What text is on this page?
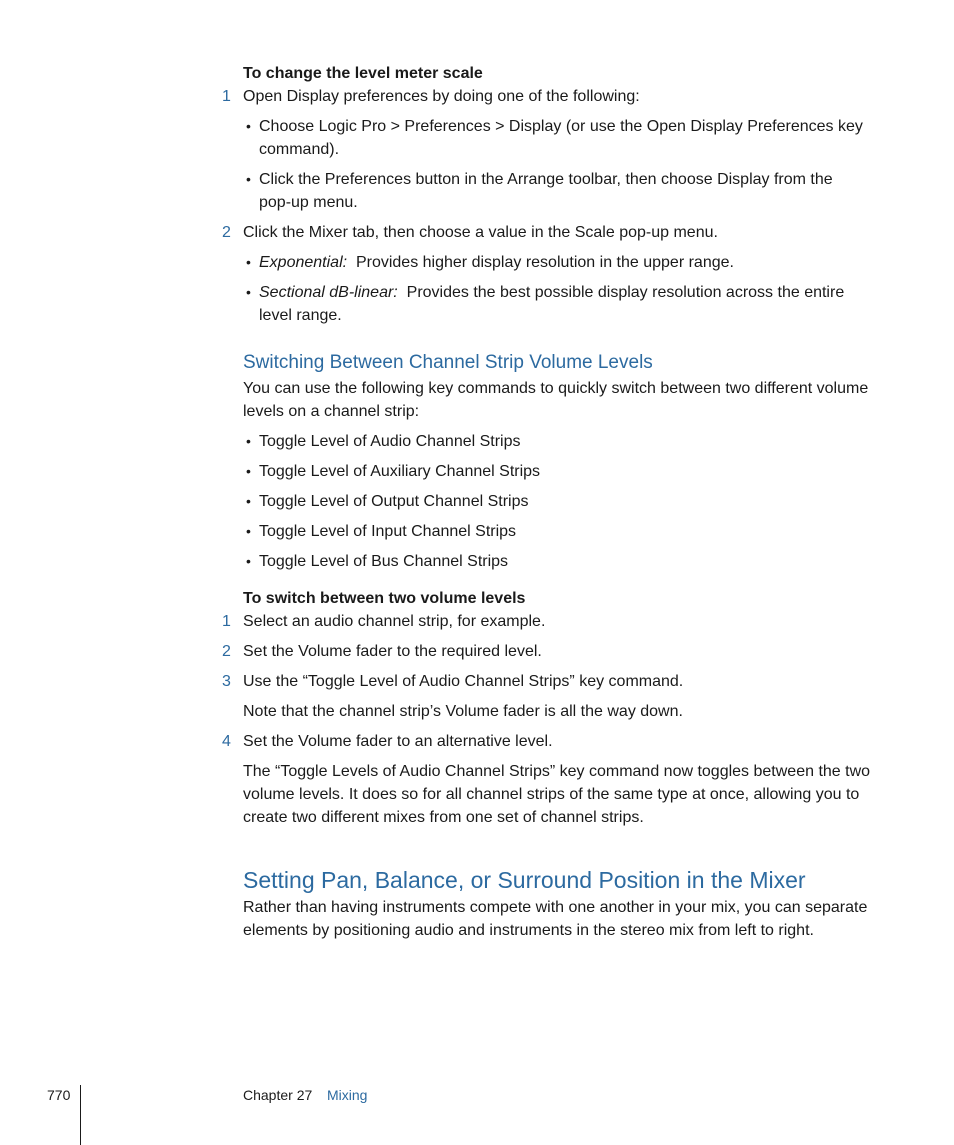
To change the level meter scale
1 Open Display preferences by doing one of the following:
• Choose Logic Pro > Preferences > Display (or use the Open Display Preferences key command).
• Click the Preferences button in the Arrange toolbar, then choose Display from the pop-up menu.
2 Click the Mixer tab, then choose a value in the Scale pop-up menu.
• Exponential: Provides higher display resolution in the upper range.
• Sectional dB-linear: Provides the best possible display resolution across the entire level range.
Switching Between Channel Strip Volume Levels
You can use the following key commands to quickly switch between two different volume levels on a channel strip:
• Toggle Level of Audio Channel Strips
• Toggle Level of Auxiliary Channel Strips
• Toggle Level of Output Channel Strips
• Toggle Level of Input Channel Strips
• Toggle Level of Bus Channel Strips
To switch between two volume levels
1 Select an audio channel strip, for example.
2 Set the Volume fader to the required level.
3 Use the “Toggle Level of Audio Channel Strips” key command.
Note that the channel strip’s Volume fader is all the way down.
4 Set the Volume fader to an alternative level.
The “Toggle Levels of Audio Channel Strips” key command now toggles between the two volume levels. It does so for all channel strips of the same type at once, allowing you to create two different mixes from one set of channel strips.
Setting Pan, Balance, or Surround Position in the Mixer
Rather than having instruments compete with one another in your mix, you can separate elements by positioning audio and instruments in the stereo mix from left to right.
770	Chapter 27 Mixing
